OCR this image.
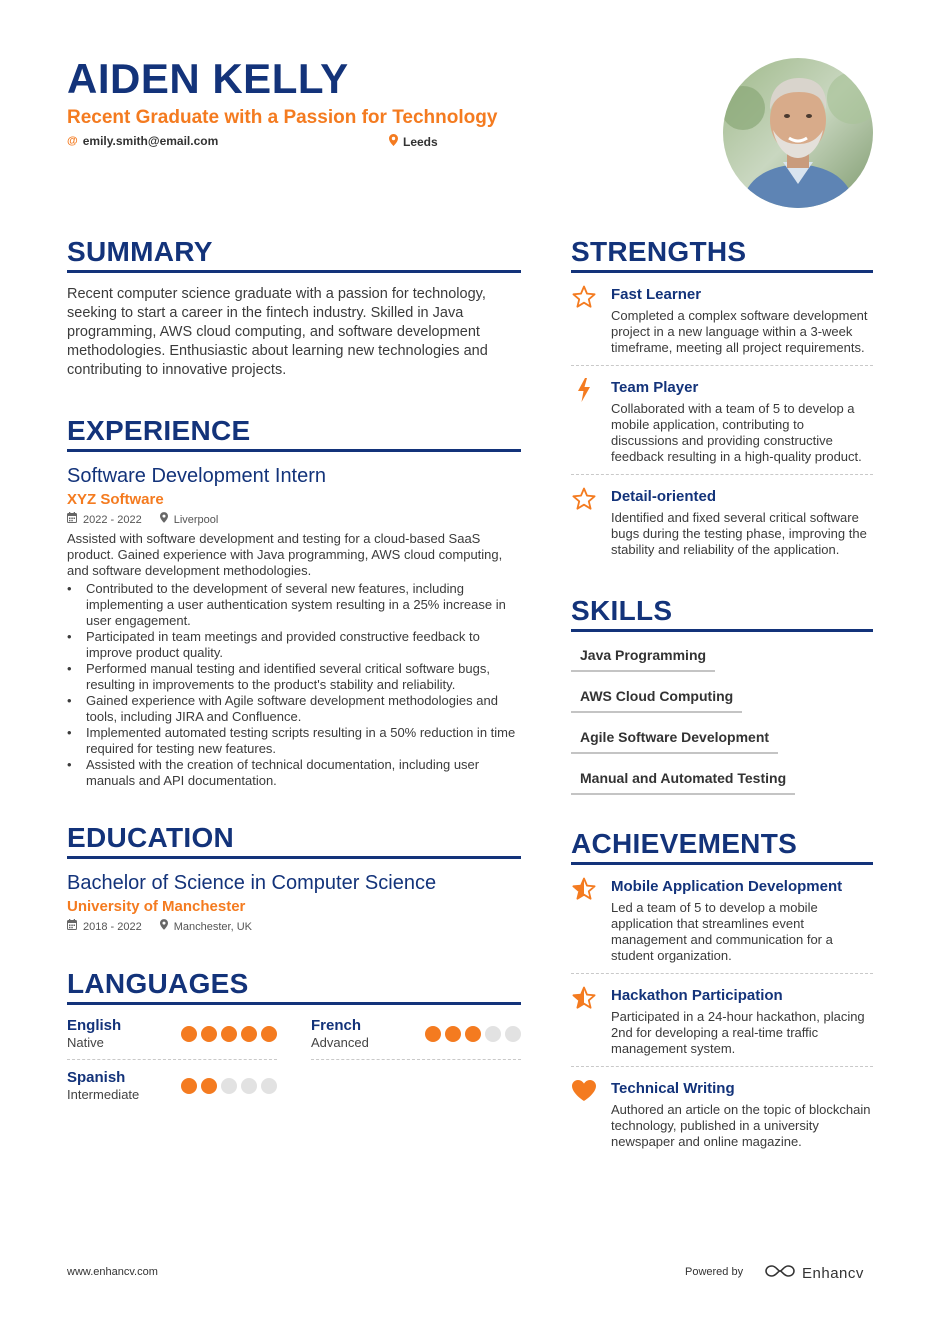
AIDEN KELLY
Recent Graduate with a Passion for Technology
@ emily.smith@email.com	Leeds
SUMMARY

Recent computer science graduate with a passion for technology, seeking to start a career in the fintech industry. Skilled in Java programming, AWS cloud computing, and software development methodologies. Enthusiastic about learning new technologies and contributing to innovative projects.

EXPERIENCE
Software Development Intern
XYZ Software
2022 - 2022	Liverpool

Assisted with software development and testing for a cloud-based SaaS product. Gained experience with Java programming, AWS cloud computing, and software development methodologies.

• Contributed to the development of several new features, including implementing a user authentication system resulting in a 25% increase in user engagement.
• Participated in team meetings and provided constructive feedback to improve product quality.
• Performed manual testing and identified several critical software bugs, resulting in improvements to the product's stability and reliability.
• Gained experience with Agile software development methodologies and tools, including JIRA and Confluence.
• Implemented automated testing scripts resulting in a 50% reduction in time required for testing new features.
• Assisted with the creation of technical documentation, including user manuals and API documentation.
EDUCATION
Bachelor of Science in Computer Science
University of Manchester
2018 - 2022	Manchester, UK
LANGUAGES
English
Native
French
Advanced
Spanish
Intermediate
STRENGTHS
Fast Learner
Completed a complex software development project in a new language within a 3-week timeframe, meeting all project requirements.
Team Player
Collaborated with a team of 5 to develop a mobile application, contributing to discussions and providing constructive feedback resulting in a high-quality product.
Detail-oriented
Identified and fixed several critical software bugs during the testing phase, improving the stability and reliability of the application.
SKILLS
Java Programming
AWS Cloud Computing
Agile Software Development
Manual and Automated Testing
ACHIEVEMENTS
Mobile Application Development
Led a team of 5 to develop a mobile application that streamlines event management and communication for a student organization.
Hackathon Participation
Participated in a 24-hour hackathon, placing 2nd for developing a real-time traffic management system.
Technical Writing
Authored an article on the topic of blockchain technology, published in a university newspaper and online magazine.
www.enhancv.com	Powered by	Enhancv
